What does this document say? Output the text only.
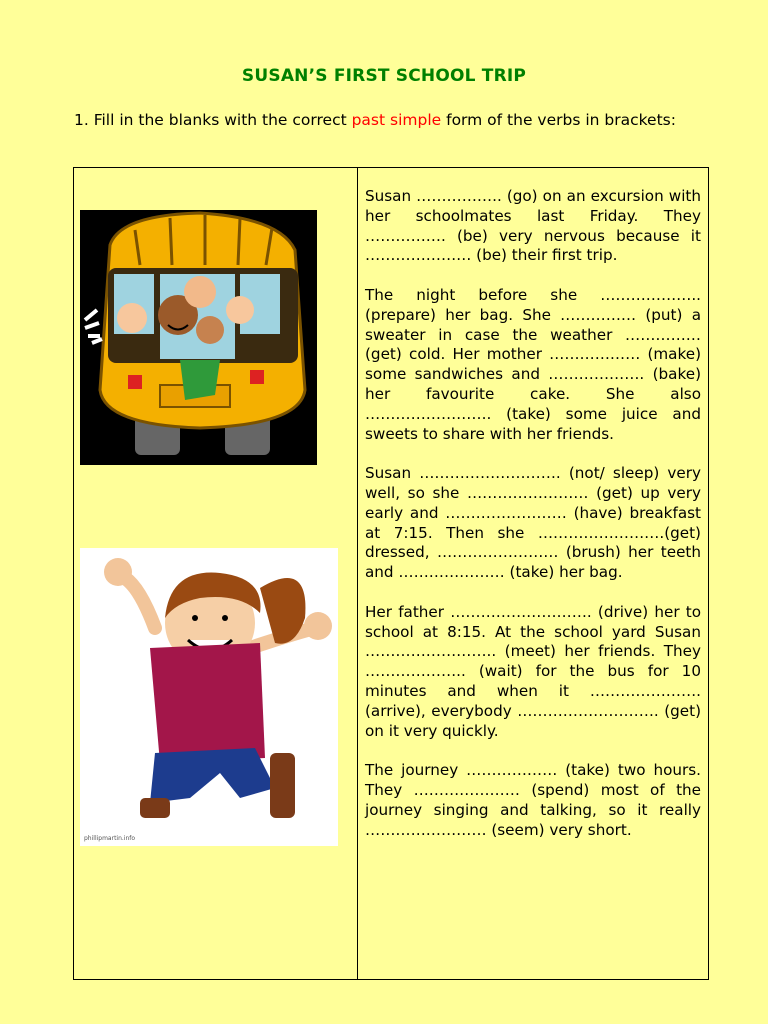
SUSAN’S FIRST SCHOOL TRIP
1. Fill in the blanks with the correct past simple form of the verbs in brackets:
phillipmartin.info

Susan …………….. (go) on an excursion with her schoolmates last Friday. They ……………. (be) very nervous because it ………………… (be) their first trip.

The night before she ……………….. (prepare) her bag. She …………… (put) a sweater in case the weather …………… (get) cold. Her mother ……………… (make) some sandwiches and ………………. (bake) her favourite cake. She also ……………………. (take) some juice and sweets to share with her friends.

Susan ………………………. (not/ sleep) very well, so she …………………… (get) up very early and …………………… (have) breakfast at 7:15. Then she …………………….(get) dressed, …………………… (brush) her teeth and ………………… (take) her bag.

Her father ………………………. (drive) her to school at 8:15. At the school yard Susan …………………….. (meet) her friends. They ……………….. (wait) for the bus for 10 minutes and when it …………………. (arrive), everybody ………………………. (get) on it very quickly.

The journey ……………… (take) two hours. They ………………… (spend) most of the journey singing and talking, so it really …………………… (seem) very short.
